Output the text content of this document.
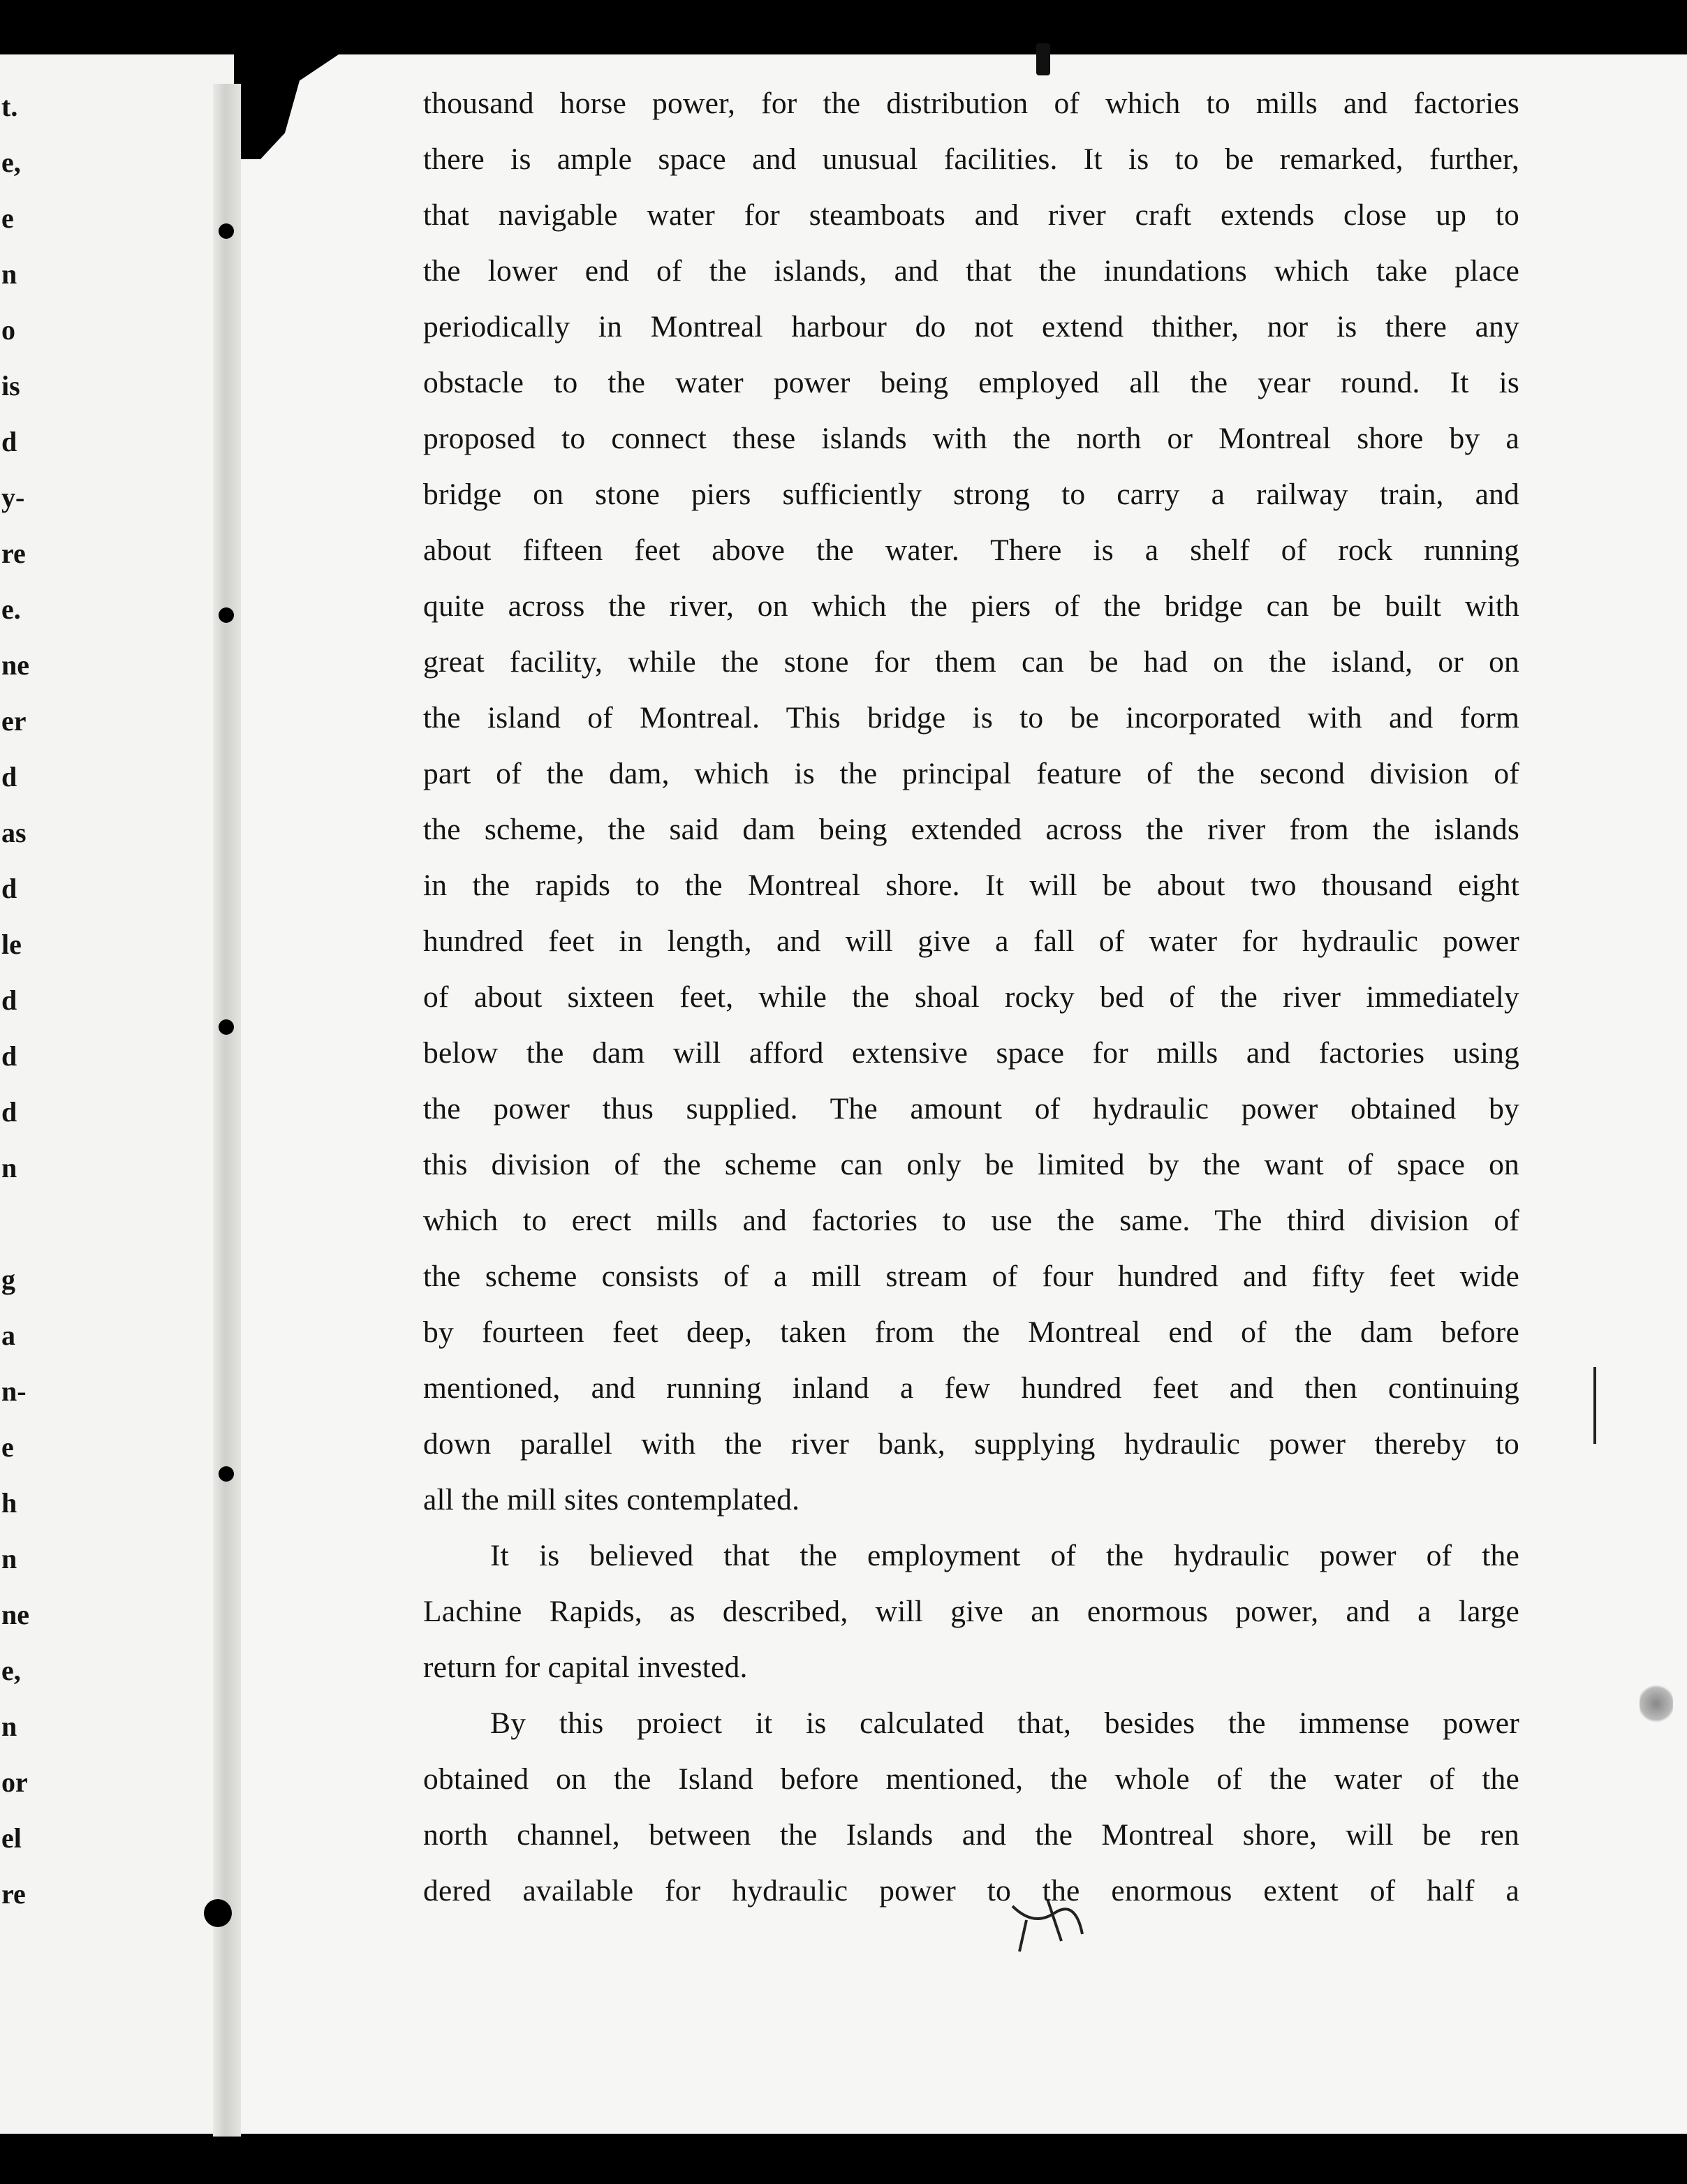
t.
e,
e
n
o
is
d
y-
re
e.
ne
er
d
as
d
le
d
d
d
n
g
a
n-
e
h
n
ne
e,
n
or
el
re
thousand horse power, for the distribution of which to mills and factories
there is ample space and unusual facilities. It is to be remarked, further,
that navigable water for steamboats and river craft extends close up to
the lower end of the islands, and that the inundations which take place
periodically in Montreal harbour do not extend thither, nor is there any
obstacle to the water power being employed all the year round. It is
proposed to connect these islands with the north or Montreal shore by a
bridge on stone piers sufficiently strong to carry a railway train, and
about fifteen feet above the water. There is a shelf of rock running
quite across the river, on which the piers of the bridge can be built with
great facility, while the stone for them can be had on the island, or on
the island of Montreal. This bridge is to be incorporated with and form
part of the dam, which is the principal feature of the second division of
the scheme, the said dam being extended across the river from the islands
in the rapids to the Montreal shore. It will be about two thousand eight
hundred feet in length, and will give a fall of water for hydraulic power
of about sixteen feet, while the shoal rocky bed of the river immediately
below the dam will afford extensive space for mills and factories using
the power thus supplied. The amount of hydraulic power obtained by
this division of the scheme can only be limited by the want of space on
which to erect mills and factories to use the same. The third division of
the scheme consists of a mill stream of four hundred and fifty feet wide
by fourteen feet deep, taken from the Montreal end of the dam before
mentioned, and running inland a few hundred feet and then continuing
down parallel with the river bank, supplying hydraulic power thereby to
all the mill sites contemplated.
It is believed that the employment of the hydraulic power of the
Lachine Rapids, as described, will give an enormous power, and a large
return for capital invested.
By this proiect it is calculated that, besides the immense power
obtained on the Island before mentioned, the whole of the water of the
north channel, between the Islands and the Montreal shore, will be ren
dered available for hydraulic power to the enormous extent of half a
